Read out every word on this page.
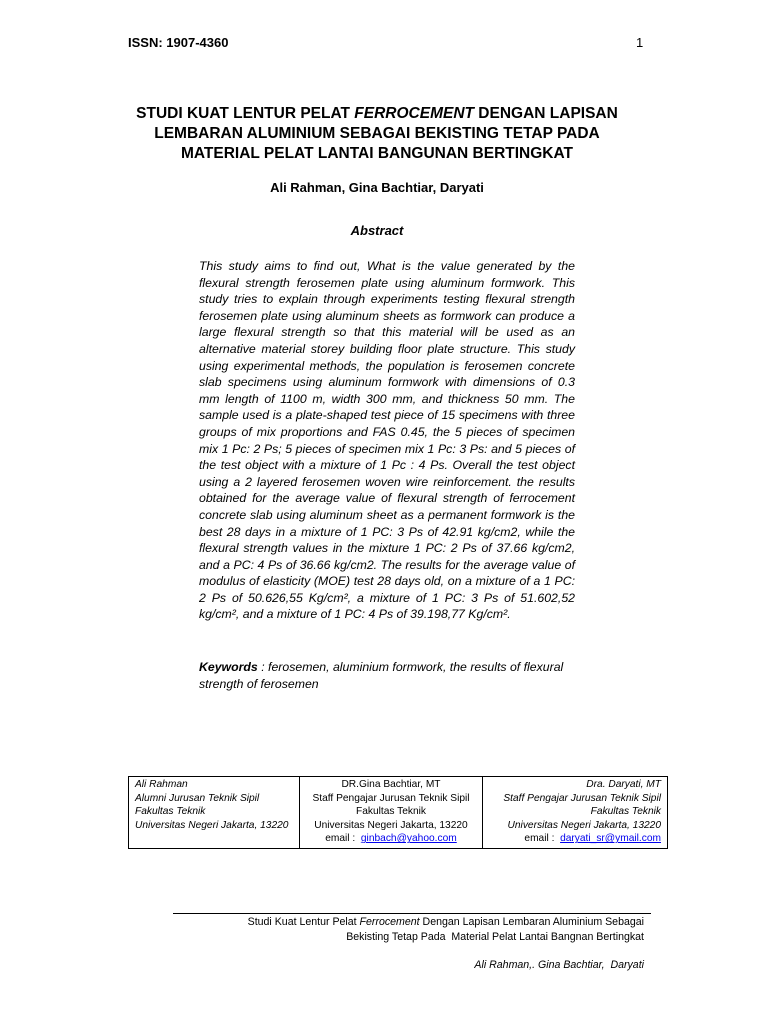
ISSN: 1907-4360	1
STUDI KUAT LENTUR PELAT FERROCEMENT DENGAN LAPISAN
LEMBARAN ALUMINIUM SEBAGAI BEKISTING TETAP PADA
MATERIAL PELAT LANTAI BANGUNAN BERTINGKAT
Ali Rahman, Gina Bachtiar, Daryati
Abstract
This study aims to find out, What is the value generated by the flexural strength ferosemen plate using aluminum formwork. This study tries to explain through experiments testing flexural strength ferosemen plate using aluminum sheets as formwork can produce a large flexural strength so that this material will be used as an alternative material storey building floor plate structure. This study using experimental methods, the population is ferosemen concrete slab specimens using aluminum formwork with dimensions of 0.3 mm length of 1100 m, width 300 mm, and thickness 50 mm. The sample used is a plate-shaped test piece of 15 specimens with three groups of mix proportions and FAS 0.45, the 5 pieces of specimen mix 1 Pc: 2 Ps; 5 pieces of specimen mix 1 Pc: 3 Ps: and 5 pieces of the test object with a mixture of 1 Pc : 4 Ps. Overall the test object using a 2 layered ferosemen woven wire reinforcement. the results obtained for the average value of flexural strength of ferrocement concrete slab using aluminum sheet as a permanent formwork is the best 28 days in a mixture of 1 PC: 3 Ps of 42.91 kg/cm2, while the flexural strength values in the mixture 1 PC: 2 Ps of 37.66 kg/cm2, and a PC: 4 Ps of 36.66 kg/cm2. The results for the average value of modulus of elasticity (MOE) test 28 days old, on a mixture of a 1 PC: 2 Ps of 50.626,55 Kg/cm², a mixture of 1 PC: 3 Ps of 51.602,52 kg/cm², and a mixture of 1 PC: 4 Ps of 39.198,77 Kg/cm².
Keywords : ferosemen, aluminium formwork, the results of flexural strength of ferosemen
Ali Rahman
Alumni Jurusan Teknik Sipil
Fakultas Teknik
Universitas Negeri Jakarta, 13220

DR.Gina Bachtiar, MT
Staff Pengajar Jurusan Teknik Sipil
Fakultas Teknik
Universitas Negeri Jakarta, 13220
email :  ginbach@yahoo.com

Dra. Daryati, MT
Staff Pengajar Jurusan Teknik Sipil
Fakultas Teknik
Universitas Negeri Jakarta, 13220
email :  daryati_sr@ymail.com
Studi Kuat Lentur Pelat Ferrocement Dengan Lapisan Lembaran Aluminium Sebagai
Bekisting Tetap Pada  Material Pelat Lantai Bangnan Bertingkat
Ali Rahman,. Gina Bachtiar,  Daryati
